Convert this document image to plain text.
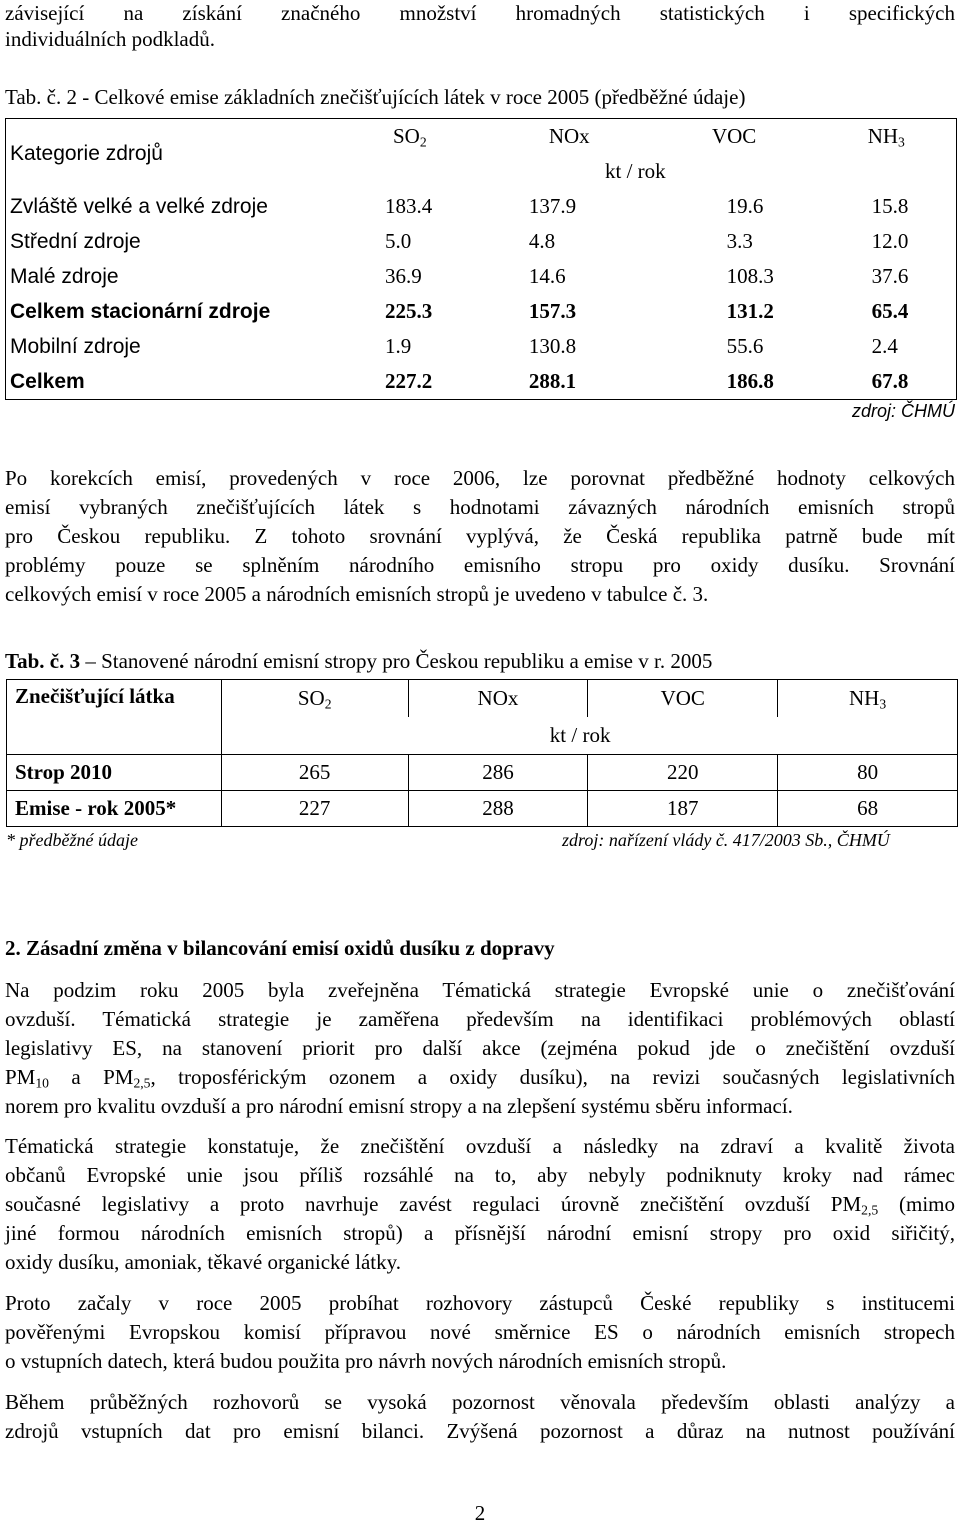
závisející na získání značného množství hromadných statistických i specifických
individuálních podkladů.
Tab. č. 2 - Celkové emise základních znečišťujících látek v roce 2005 (předběžné údaje)
Kategorie zdrojů	$SO_2$	NOx	VOC	$NH_3$
	kt / rok			
Zvláště velké a velké zdroje	183.4	137.9	19.6	15.8
Střední zdroje	5.0	4.8	3.3	12.0
Malé zdroje	36.9	14.6	108.3	37.6
Celkem stacionární zdroje	225.3	157.3	131.2	65.4
Mobilní zdroje	1.9	130.8	55.6	2.4
Celkem	227.2	288.1	186.8	67.8
zdroj: ČHMÚ
Po korekcích emisí, provedených v roce 2006, lze porovnat předběžné hodnoty celkových
emisí vybraných znečišťujících látek s hodnotami závazných národních emisních stropů
pro Českou republiku. Z tohoto srovnání vyplývá, že Česká republika patrně bude mít
problémy pouze se splněním národního emisního stropu pro oxidy dusíku. Srovnání
celkových emisí v roce 2005 a národních emisních stropů je uvedeno v tabulce č. 3.
Tab. č. 3 – Stanovené národní emisní stropy pro Českou republiku a emise v r. 2005
Znečišťující látka	$SO_2$	NOx	VOC	$NH_3$
	kt / rok			
Strop 2010	265	286	220	80
Emise - rok 2005*	227	288	187	68
* předběžné údaje	zdroj: nařízení vlády č. 417/2003 Sb., ČHMÚ
2. Zásadní změna v bilancování emisí oxidů dusíku z dopravy
Na podzim roku 2005 byla zveřejněna Tématická strategie Evropské unie o znečišťování
ovzduší. Tématická strategie je zaměřena především na identifikaci problémových oblastí
legislativy ES, na stanovení priorit pro další akce (zejména pokud jde o znečištění ovzduší
$PM_{10}$ a $PM_{2,5}$, troposférickým ozonem a oxidy dusíku), na revizi současných legislativních
norem pro kvalitu ovzduší a pro národní emisní stropy a na zlepšení systému sběru informací.
Tématická strategie konstatuje, že znečištění ovzduší a následky na zdraví a kvalitě života
občanů Evropské unie jsou příliš rozsáhlé na to, aby nebyly podniknuty kroky nad rámec
současné legislativy a proto navrhuje zavést regulaci úrovně znečištění ovzduší $PM_{2,5}$ (mimo
jiné formou národních emisních stropů) a přísnější národní emisní stropy pro oxid siřičitý,
oxidy dusíku, amoniak, těkavé organické látky.
Proto začaly v roce 2005 probíhat rozhovory zástupců České republiky s institucemi
pověřenými Evropskou komisí přípravou nové směrnice ES o národních emisních stropech
o vstupních datech, která budou použita pro návrh nových národních emisních stropů.
Během průběžných rozhovorů se vysoká pozornost věnovala především oblasti analýzy a
zdrojů vstupních dat pro emisní bilanci. Zvýšená pozornost a důraz na nutnost používání
2
